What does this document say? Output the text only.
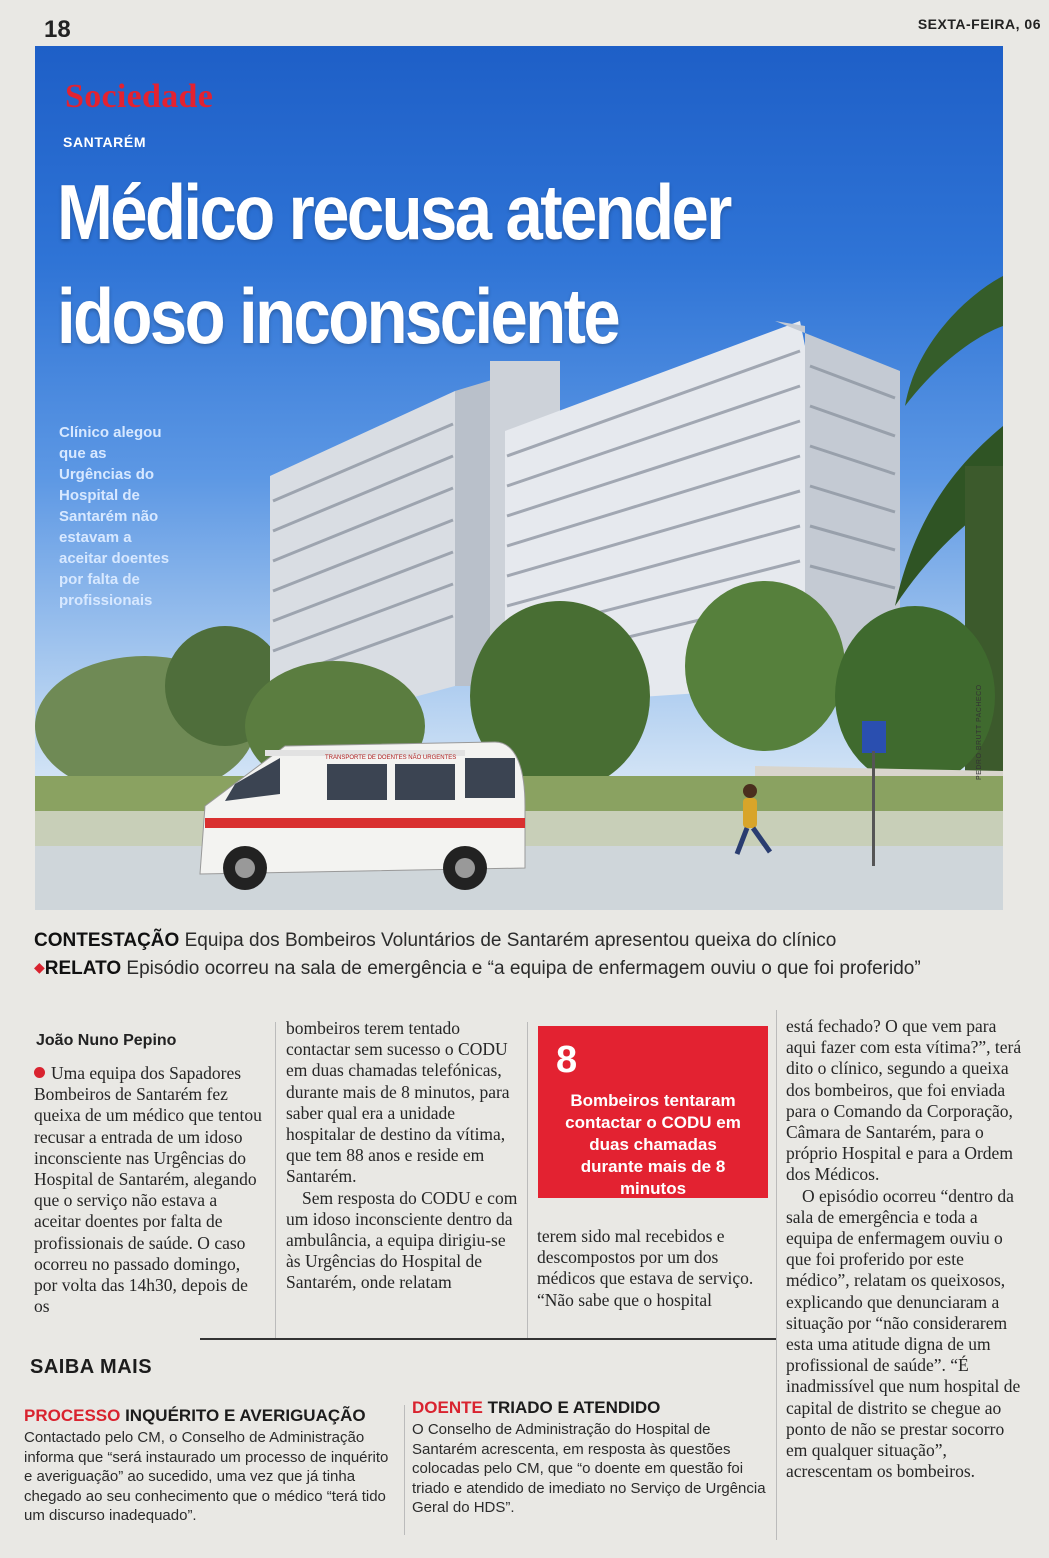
18	SEXTA-FEIRA, 06
TRANSPORTE DE DOENTES NÃO URGENTES
Sociedade
SANTARÉM
Médico recusa atender
idoso inconsciente
Clínico alegou que as Urgências do Hospital de Santarém não estavam a aceitar doentes por falta de profissionais
PEDRO BRUTT PACHECO
CONTESTAÇÃO Equipa dos Bombeiros Voluntários de Santarém apresentou queixa do clínico
◆RELATO Episódio ocorreu na sala de emergência e “a equipa de enfermagem ouviu o que foi proferido”
João Nuno Pepino

Uma equipa dos Sapadores Bombeiros de Santarém fez queixa de um médico que tentou recusar a entrada de um idoso inconsciente nas Urgências do Hospital de Santarém, alegando que o serviço não estava a aceitar doentes por falta de profissionais de saúde. O caso ocorreu no passado domingo, por volta das 14h30, depois de os

bombeiros terem tentado contactar sem sucesso o CODU em duas chamadas telefónicas, durante mais de 8 minutos, para saber qual era a unidade hospitalar de destino da vítima, que tem 88 anos e reside em Santarém.

Sem resposta do CODU e com um idoso inconsciente dentro da ambulância, a equipa dirigiu-se às Urgências do Hospital de Santarém, onde relatam

8
Bombeiros tentaram contactar o CODU em duas chamadas durante mais de 8 minutos

terem sido mal recebidos e descompostos por um dos médicos que estava de serviço. “Não sabe que o hospital

está fechado? O que vem para aqui fazer com esta vítima?”, terá dito o clínico, segundo a queixa dos bombeiros, que foi enviada para o Comando da Corporação, Câmara de Santarém, para o próprio Hospital e para a Ordem dos Médicos.

O episódio ocorreu “dentro da sala de emergência e toda a equipa de enfermagem ouviu o que foi proferido por este médico”, relatam os queixosos, explicando que denunciaram a situação por “não considerarem esta uma atitude digna de um profissional de saúde”. “É inadmissível que num hospital de capital de distrito se chegue ao ponto de não se prestar socorro em qualquer situação”, acrescentam os bombeiros.

SAIBA MAIS
PROCESSO INQUÉRITO E AVERIGUAÇÃO
Contactado pelo CM, o Conselho de Administração informa que “será instaurado um processo de inquérito e averiguação” ao sucedido, uma vez que já tinha chegado ao seu conhecimento que o médico “terá tido um discurso inadequado”.
DOENTE TRIADO E ATENDIDO
O Conselho de Administração do Hospital de Santarém acrescenta, em resposta às questões colocadas pelo CM, que “o doente em questão foi triado e atendido de imediato no Serviço de Urgência Geral do HDS”.
